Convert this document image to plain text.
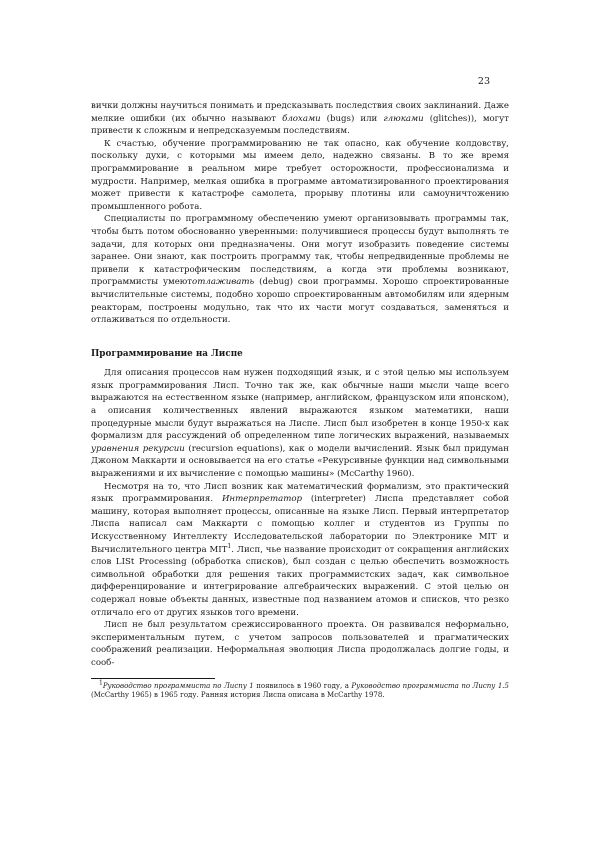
23

вички должны научиться понимать и предсказывать последствия своих заклинаний. Даже мелкие ошибки (их обычно называют блохами (bugs) или глюками (glitches)), могут привести к сложным и непредсказуемым последствиям.

К счастью, обучение программированию не так опасно, как обучение колдовству, поскольку духи, с которыми мы имеем дело, надежно связаны. В то же время программирование в реальном мире требует осторожности, профессионализма и мудрости. Например, мелкая ошибка в программе автоматизированного проектирования может привести к катастрофе самолета, прорыву плотины или самоуничтожению промышленного робота.

Специалисты по программному обеспечению умеют организовывать программы так, чтобы быть потом обоснованно уверенными: получившиеся процессы будут выполнять те задачи, для которых они предназначены. Они могут изобразить поведение системы заранее. Они знают, как построить программу так, чтобы непредвиденные проблемы не привели к катастрофическим последствиям, а когда эти проблемы возникают, программисты умеютотлаживать (debug) свои программы. Хорошо спроектированные вычислительные системы, подобно хорошо спроектированным автомобилям или ядерным реакторам, построены модульно, так что их части могут создаваться, заменяться и отлаживаться по отдельности.

Программирование на Лиспе

Для описания процессов нам нужен подходящий язык, и с этой целью мы используем язык программирования Лисп. Точно так же, как обычные наши мысли чаще всего выражаются на естественном языке (например, английском, французском или японском), а описания количественных явлений выражаются языком математики, наши процедурные мысли будут выражаться на Лиспе. Лисп был изобретен в конце 1950-х как формализм для рассуждений об определенном типе логических выражений, называемых уравнения рекурсии (recursion equations), как о модели вычислений. Язык был придуман Джоном Маккарти и основывается на его статье «Рекурсивные функции над символьными выражениями и их вычисление с помощью машины» (McCarthy 1960).

Несмотря на то, что Лисп возник как математический формализм, это практический язык программирования. Интерпретатор (interpreter) Лиспа представляет собой машину, которая выполняет процессы, описанные на языке Лисп. Первый интерпретатор Лиспа написал сам Маккарти с помощью коллег и студентов из Группы по Искусственному Интеллекту Исследовательской лаборатории по Электронике MIT и Вычислительного центра MIT$^1$. Лисп, чье название происходит от сокращения английских слов LISt Processing (обработка списков), был создан с целью обеспечить возможность символьной обработки для решения таких программистских задач, как символьное дифференцирование и интегрирование алгебраических выражений. С этой целью он содержал новые объекты данных, известные под названием атомов и списков, что резко отличало его от других языков того времени.

Лисп не был результатом срежиссированного проекта. Он развивался неформально, экспериментальным путем, с учетом запросов пользователей и прагматических соображений реализации. Неформальная эволюция Лиспа продолжалась долгие годы, и сооб-

$^1$Руководство программиста по Лиспу 1 появилось в 1960 году, а Руководство программиста по Лиспу 1.5 (McCarthy 1965) в 1965 году. Ранняя история Лиспа описана в McCarthy 1978.
